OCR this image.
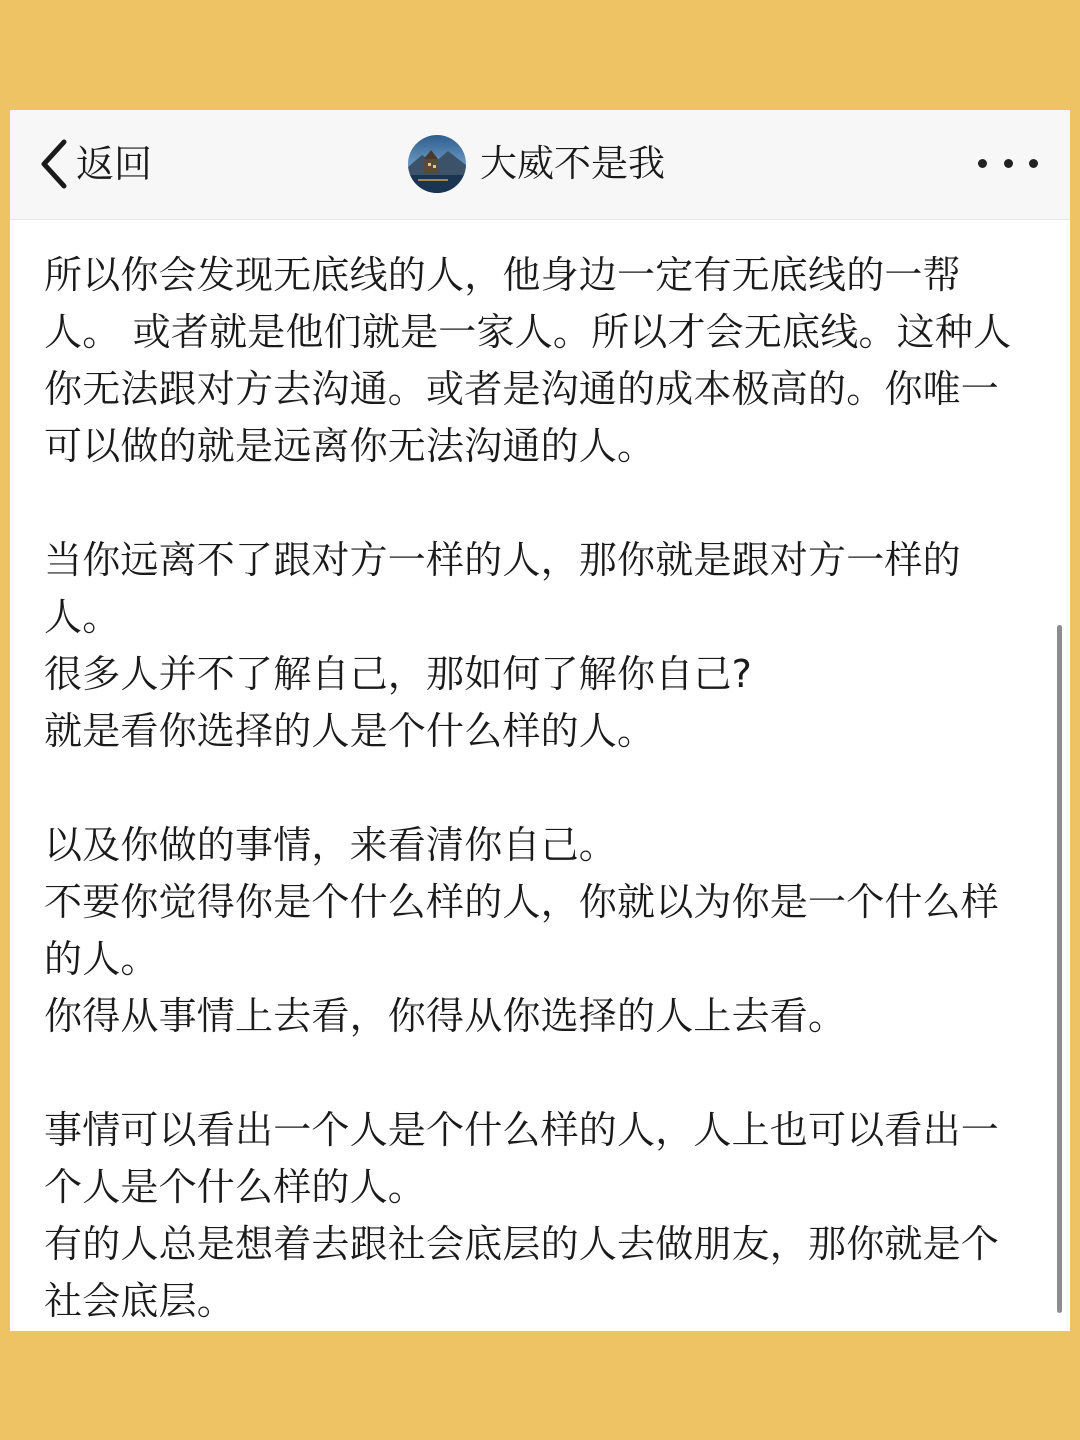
返回	大威不是我

所以你会发现无底线的人，他身边一定有无底线的一帮人。 或者就是他们就是一家人。所以才会无底线。这种人你无法跟对方去沟通。或者是沟通的成本极高的。你唯一可以做的就是远离你无法沟通的人。

当你远离不了跟对方一样的人，那你就是跟对方一样的人。

很多人并不了解自己，那如何了解你自己?

就是看你选择的人是个什么样的人。

以及你做的事情，来看清你自己。

不要你觉得你是个什么样的人，你就以为你是一个什么样的人。

你得从事情上去看，你得从你选择的人上去看。

事情可以看出一个人是个什么样的人，人上也可以看出一个人是个什么样的人。

有的人总是想着去跟社会底层的人去做朋友，那你就是个社会底层。
